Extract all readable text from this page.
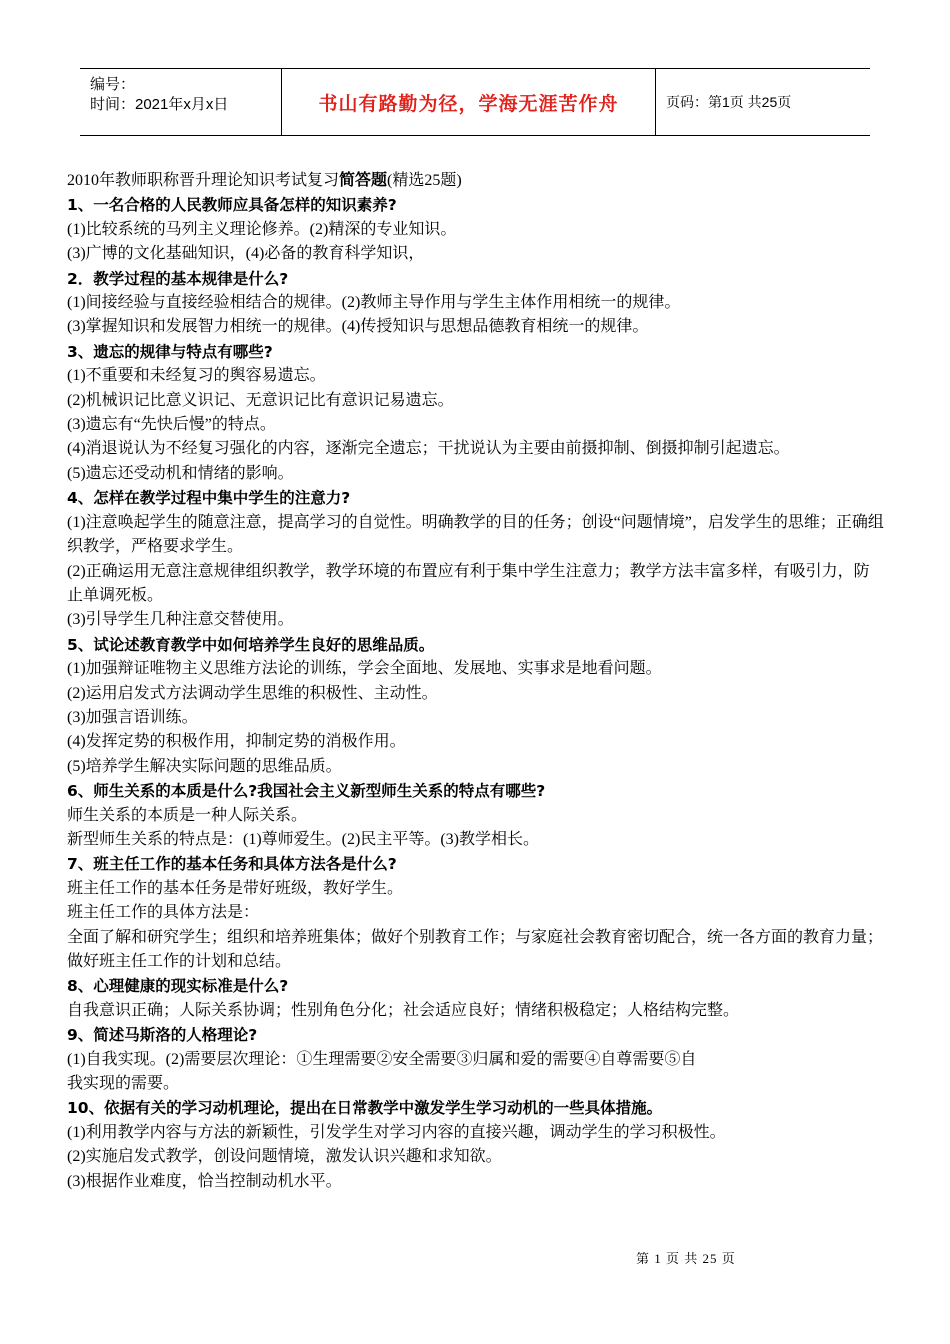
编号：
时间：2021年x月x日	书山有路勤为径，学海无涯苦作舟	页码：第1页 共25页

2010年教师职称晋升理论知识考试复习简答题(精选25题)

1、一名合格的人民教师应具备怎样的知识素养?

(1)比较系统的马列主义理论修养。(2)精深的专业知识。

(3)广博的文化基础知识，(4)必备的教育科学知识，

2．教学过程的基本规律是什么?

(1)间接经验与直接经验相结合的规律。(2)教师主导作用与学生主体作用相统一的规律。

(3)掌握知识和发展智力相统一的规律。(4)传授知识与思想品德教育相统一的规律。

3、遗忘的规律与特点有哪些?

(1)不重要和未经复习的舆容易遗忘。

(2)机械识记比意义识记、无意识记比有意识记易遗忘。

(3)遗忘有“先快后慢”的特点。

(4)消退说认为不经复习强化的内容，逐渐完全遗忘；干扰说认为主要由前摄抑制、倒摄抑制引起遗忘。

(5)遗忘还受动机和情绪的影响。

4、怎样在教学过程中集中学生的注意力?

(1)注意唤起学生的随意注意，提高学习的自觉性。明确教学的目的任务；创设“问题情境”，启发学生的思维；正确组织教学，严格要求学生。

(2)正确运用无意注意规律组织教学，教学环境的布置应有利于集中学生注意力；教学方法丰富多样，有吸引力，防止单调死板。

(3)引导学生几种注意交替使用。

5、试论述教育教学中如何培养学生良好的思维品质。

(1)加强辩证唯物主义思维方法论的训练，学会全面地、发展地、实事求是地看问题。

(2)运用启发式方法调动学生思维的积极性、主动性。

(3)加强言语训练。

(4)发挥定势的积极作用，抑制定势的消极作用。

(5)培养学生解决实际问题的思维品质。

6、师生关系的本质是什么?我国社会主义新型师生关系的特点有哪些?

师生关系的本质是一种人际关系。

新型师生关系的特点是：(1)尊师爱生。(2)民主平等。(3)教学相长。

7、班主任工作的基本任务和具体方法各是什么?

班主任工作的基本任务是带好班级，教好学生。

班主任工作的具体方法是：

全面了解和研究学生；组织和培养班集体；做好个别教育工作；与家庭社会教育密切配合，统一各方面的教育力量；做好班主任工作的计划和总结。

8、心理健康的现实标准是什么?

自我意识正确；人际关系协调；性别角色分化；社会适应良好；情绪积极稳定；人格结构完整。

9、简述马斯洛的人格理论?

(1)自我实现。(2)需要层次理论：①生理需要②安全需要③归属和爱的需要④自尊需要⑤自

我实现的需要。

10、依据有关的学习动机理论，提出在日常教学中激发学生学习动机的一些具体措施。

(1)利用教学内容与方法的新颖性，引发学生对学习内容的直接兴趣，调动学生的学习积极性。

(2)实施启发式教学，创设问题情境，激发认识兴趣和求知欲。

(3)根据作业难度，恰当控制动机水平。

第 1 页 共 25 页
